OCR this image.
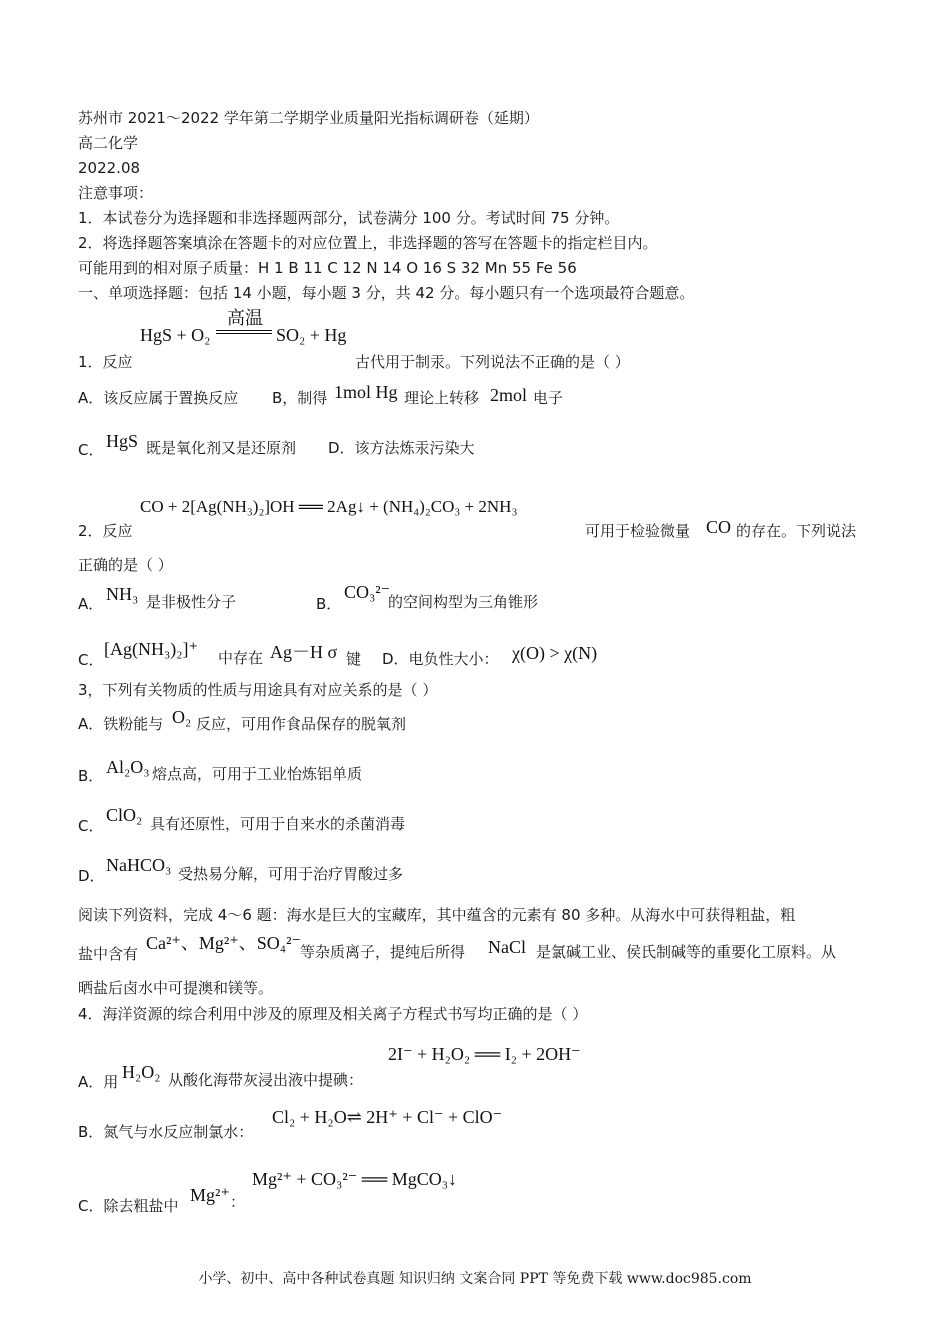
苏州市 2021～2022 学年第二学期学业质量阳光指标调研卷（延期）
高二化学
2022.08
注意事项：
1．本试卷分为选择题和非选择题两部分，试卷满分 100 分。考试时间 75 分钟。
2．将选择题答案填涂在答题卡的对应位置上，非选择题的答写在答题卡的指定栏目内。
可能用到的相对原子质量：H 1 B 11 C 12 N 14 O 16 S 32 Mn 55 Fe 56
一、单项选择题：包括 14 小题，每小题 3 分，共 42 分。每小题只有一个选项最符合题意。
HgS + O₂
高温
SO₂ + Hg
1．反应	古代用于制汞。下列说法不正确的是（ ）
A．该反应属于置换反应 B，制得 1mol Hg 理论上转移 2mol 电子
C． HgS 既是氧化剂又是还原剂 D．该方法炼汞污染大
CO + 2[Ag(NH₃)₂]OH ══ 2Ag↓ + (NH₄)₂CO₃ + 2NH₃
2．反应	可用于检验微量 CO 的存在。下列说法
正确的是（ ）
A． NH₃ 是非极性分子	B．
CO₃²⁻
的空间构型为三角锥形
C．
[Ag(NH₃)₂]⁺ 中存在 Ag－H σ 键 D．电负性大小： χ(O) > χ(N)
3，下列有关物质的性质与用途具有对应关系的是（ ）
A．铁粉能与 O₂ 反应，可用作食品保存的脱氧剂
B． Al₂O₃ 熔点高，可用于工业怡炼铝单质
C．
ClO₂ 具有还原性，可用于自来水的杀菌消毒
D．
NaHCO₃ 受热易分解，可用于治疗胃酸过多
阅读下列资料，完成 4～6 题：海水是巨大的宝藏库，其中蕴含的元素有 80 多种。从海水中可获得粗盐，粗
盐中含有
Ca²⁺、Mg²⁺、SO₄²⁻ 等杂质离子，提纯后所得 NaCl 是氯碱工业、侯氏制碱等的重要化工原料。从
晒盐后卤水中可提澳和镁等。
4．海洋资源的综合利用中涉及的原理及相关离子方程式书写均正确的是（ ）
2I⁻ + H₂O₂ ══ I₂ + 2OH⁻
A．用 H₂O₂ 从酸化海带灰浸出液中提碘：
B．氮气与水反应制氯水：
Cl₂ + H₂O⇌ 2H⁺ + Cl⁻ + ClO⁻
Mg²⁺ + CO₃²⁻ ══ MgCO₃↓
C．除去粗盐中
Mg²⁺ ：
小学、初中、高中各种试卷真题 知识归纳 文案合同 PPT 等免费下载 www.doc985.com
